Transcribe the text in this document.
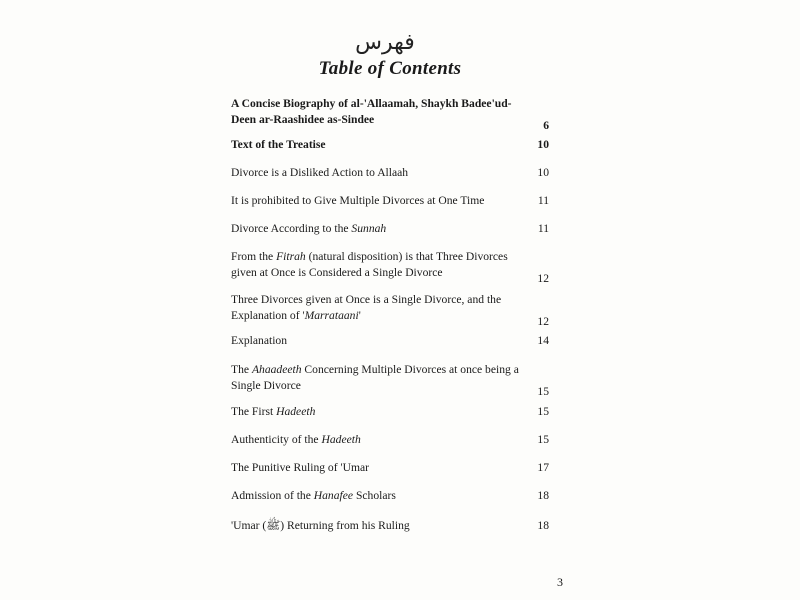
فهرس
Table of Contents
A Concise Biography of al-'Allaamah, Shaykh Badee'ud-Deen ar-Raashidee as-Sindee	6
Text of the Treatise	10
Divorce is a Disliked Action to Allaah	10
It is prohibited to Give Multiple Divorces at One Time	11
Divorce According to the Sunnah	11
From the Fitrah (natural disposition) is that Three Divorces given at Once is Considered a Single Divorce	12
Three Divorces given at Once is a Single Divorce, and the Explanation of 'Marrataani'	12
Explanation	14
The Ahaadeeth Concerning Multiple Divorces at once being a Single Divorce	15
The First Hadeeth	15
Authenticity of the Hadeeth	15
The Punitive Ruling of 'Umar	17
Admission of the Hanafee Scholars	18
'Umar (ﷺ) Returning from his Ruling	18
3
